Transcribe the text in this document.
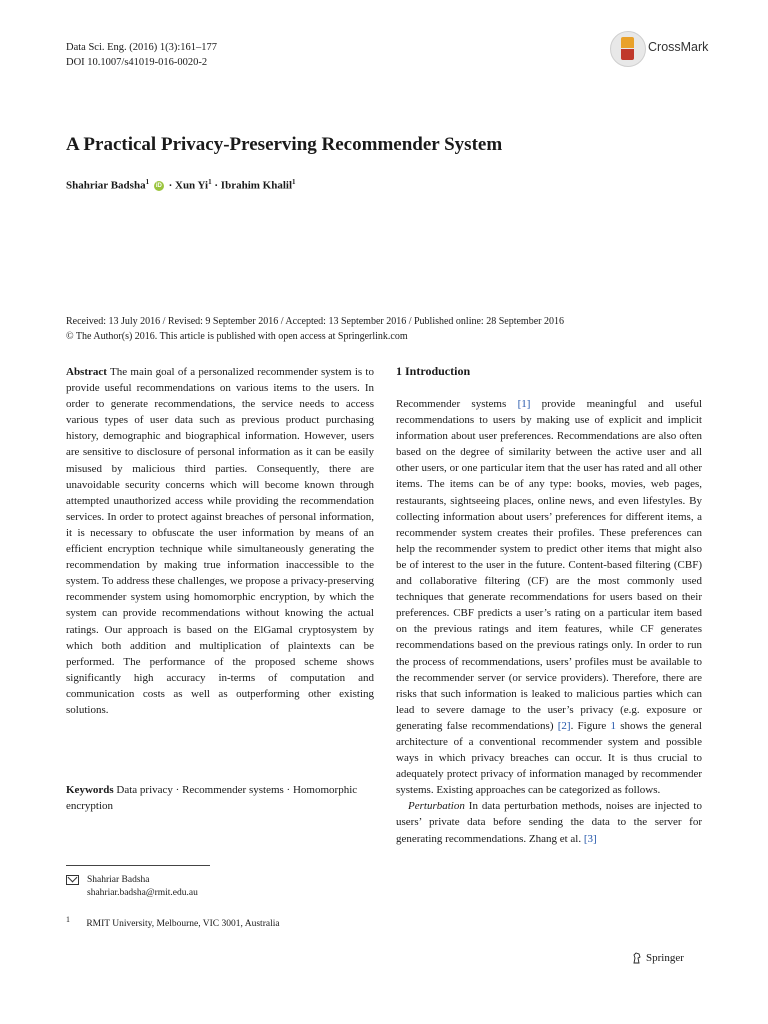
Data Sci. Eng. (2016) 1(3):161–177
DOI 10.1007/s41019-016-0020-2
CrossMark
A Practical Privacy-Preserving Recommender System
Shahriar Badsha$^1$ iD · Xun $Yi^1$ · Ibrahim Khalil$^1$
Received: 13 July 2016 / Revised: 9 September 2016 / Accepted: 13 September 2016 / Published online: 28 September 2016
© The Author(s) 2016. This article is published with open access at Springerlink.com

Abstract The main goal of a personalized recommender system is to provide useful recommendations on various items to the users. In order to generate recommendations, the service needs to access various types of user data such as previous product purchasing history, demographic and biographical information. However, users are sensitive to disclosure of personal information as it can be easily misused by malicious third parties. Consequently, there are unavoidable security concerns which will become known through attempted unauthorized access while providing the recommendation services. In order to protect against breaches of personal information, it is necessary to obfuscate the user information by means of an efficient encryption technique while simultaneously generating the recommendation by making true information inaccessible to the system. To address these challenges, we propose a privacy-preserving recommender system using homomorphic encryption, by which the system can provide recommendations without knowing the actual ratings. Our approach is based on the ElGamal cryptosystem by which both addition and multiplication of plaintexts can be performed. The performance of the proposed scheme shows significantly high accuracy in-terms of computation and communication costs as well as outperforming other existing solutions.

Keywords Data privacy · Recommender systems · Homomorphic encryption
Shahriar Badsha
shahriar.badsha@rmit.edu.au
$^1$ RMIT University, Melbourne, VIC 3001, Australia
1 Introduction

Recommender systems [1] provide meaningful and useful recommendations to users by making use of explicit and implicit information about user preferences. Recommendations are also often based on the degree of similarity between the active user and all other users, or one particular item that the user has rated and all other items. The items can be of any type: books, movies, web pages, restaurants, sightseeing places, online news, and even lifestyles. By collecting information about users’ preferences for different items, a recommender system creates their profiles. These preferences can help the recommender system to predict other items that might also be of interest to the user in the future. Content-based filtering (CBF) and collaborative filtering (CF) are the most commonly used techniques that generate recommendations for users based on their preferences. CBF predicts a user’s rating on a particular item based on the previous ratings and item features, while CF generates recommendations based on the previous ratings only. In order to run the process of recommendations, users’ profiles must be available to the recommender server (or service providers). Therefore, there are risks that such information is leaked to malicious parties which can lead to severe damage to the user’s privacy (e.g. exposure or generating false recommendations) [2]. Figure 1 shows the general architecture of a conventional recommender system and possible ways in which privacy breaches can occur. It is thus crucial to adequately protect privacy of information managed by recommender systems. Existing approaches can be categorized as follows.

Perturbation In data perturbation methods, noises are injected to users’ private data before sending the data to the server for generating recommendations. Zhang et al. [3]

Springer
